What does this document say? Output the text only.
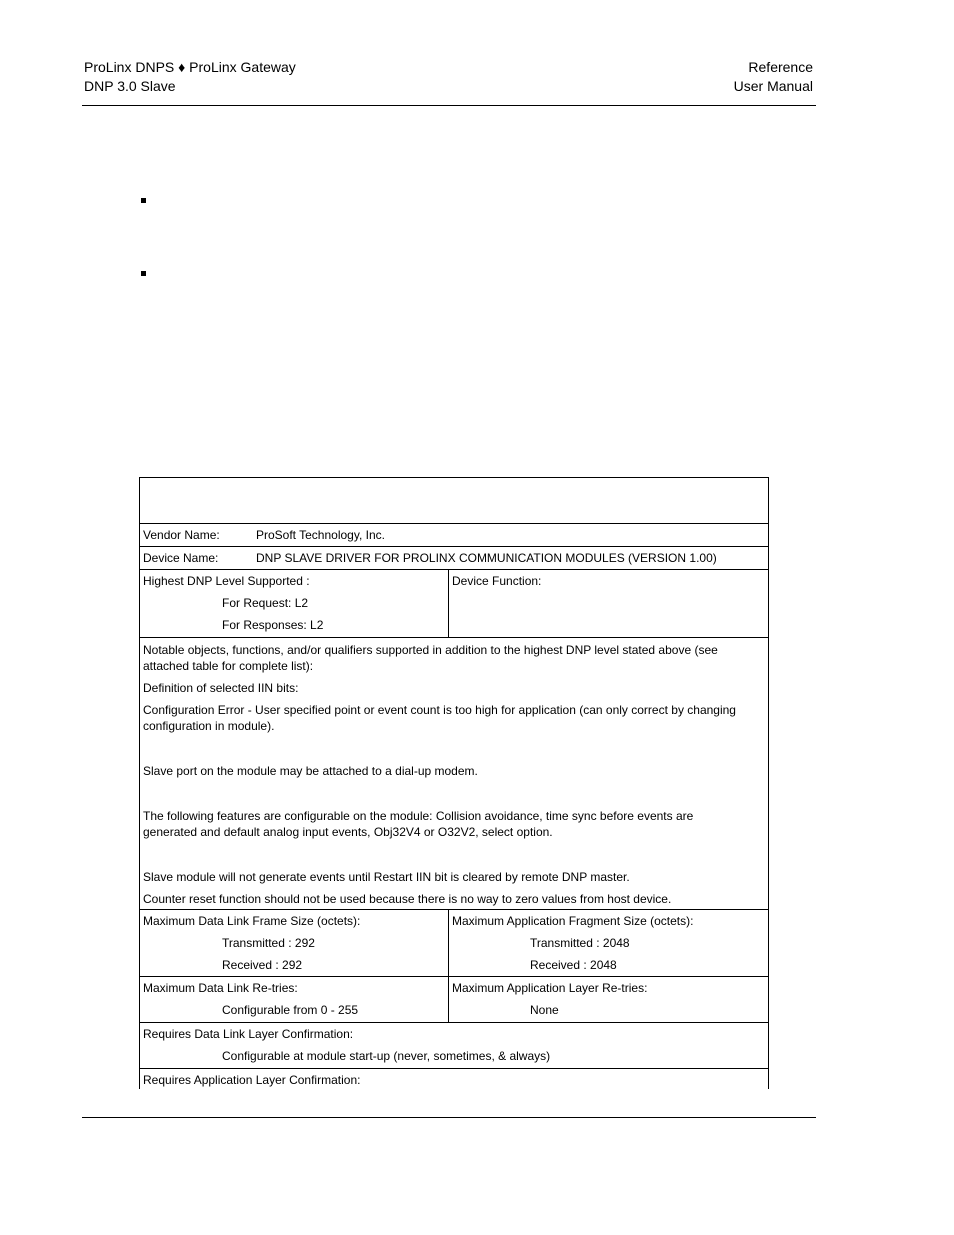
ProLinx DNPS ♦ ProLinx Gateway
DNP 3.0 Slave
Reference
User Manual
Vendor Name:	ProSoft Technology, Inc.
Device Name:	DNP SLAVE DRIVER FOR PROLINX COMMUNICATION MODULES (VERSION 1.00)
Highest DNP Level Supported :
For Request: L2
For Responses: L2
Device Function:
Notable objects, functions, and/or qualifiers supported in addition to the highest DNP level stated above (see attached table for complete list):
Definition of selected IIN bits:
Configuration Error - User specified point or event count is too high for application (can only correct by changing configuration in module).
Slave port on the module may be attached to a dial-up modem.
The following features are configurable on the module: Collision avoidance, time sync before events are generated and default analog input events, Obj32V4 or O32V2, select option.
Slave module will not generate events until Restart IIN bit is cleared by remote DNP master.
Counter reset function should not be used because there is no way to zero values from host device.
Maximum Data Link Frame Size (octets):
Transmitted : 292
Received : 292
Maximum Application Fragment Size (octets):
Transmitted : 2048
Received : 2048
Maximum Data Link Re-tries:
Configurable from 0 - 255
Maximum Application Layer Re-tries:
None
Requires Data Link Layer Confirmation:
Configurable at module start-up (never, sometimes, & always)
Requires Application Layer Confirmation:
